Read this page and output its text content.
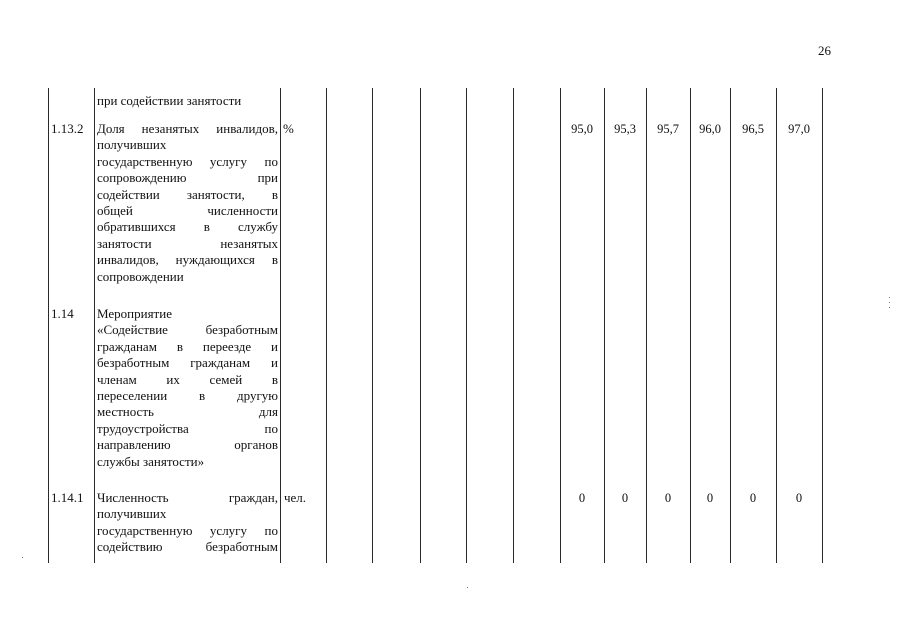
26
при содействии занятости
1.13.2 Доля незанятых инвалидов,
получивших
государственную услугу по
сопровождению при
содействии занятости, в
общей численности
обратившихся в службу
занятости незанятых
инвалидов, нуждающихся в
сопровождении
%	95,0	95,3	95,7	96,0	96,5	97,0
1.14 Мероприятие
«Содействие безработным
гражданам в переезде и
безработным гражданам и
членам их семей в
переселении в другую
местность для
трудоустройства по
направлению органов
службы занятости»
1.14.1 Численность граждан,
получивших
государственную услугу по
содействию безработным
чел.	0	0	0	0	0	0
